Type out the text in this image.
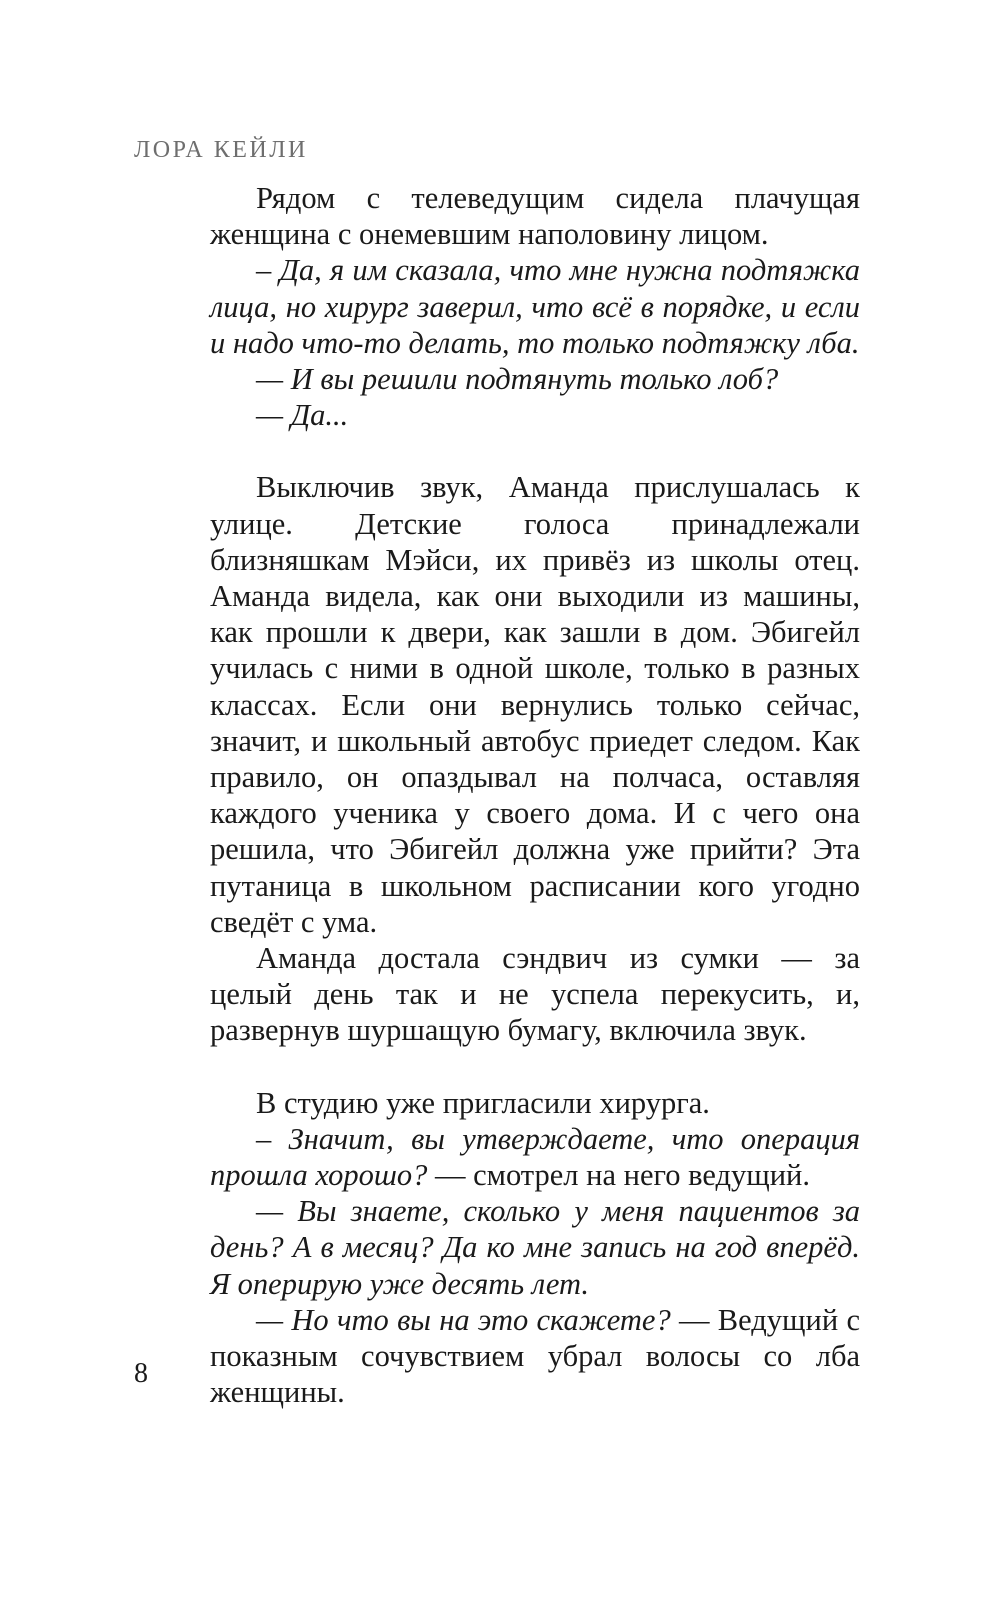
ЛОРА КЕЙЛИ

Рядом с телеведущим сидела плачущая женщина с онемевшим наполовину лицом.

– Да, я им сказала, что мне нужна подтяжка лица, но хирург заверил, что всё в порядке, и если и надо что-то делать, то только подтяжку лба.

— И вы решили подтянуть только лоб?

— Да...

Выключив звук, Аманда прислушалась к улице. Детские голоса принадлежали близняшкам Мэйси, их привёз из школы отец. Аманда видела, как они выходили из машины, как прошли к двери, как зашли в дом. Эбигейл училась с ними в одной школе, только в разных классах. Если они вернулись только сейчас, значит, и школьный автобус приедет следом. Как правило, он опаздывал на полчаса, оставляя каждого ученика у своего дома. И с чего она решила, что Эбигейл должна уже прийти? Эта путаница в школьном расписании кого угодно сведёт с ума.

Аманда достала сэндвич из сумки — за целый день так и не успела перекусить, и, развернув шуршащую бумагу, включила звук.

В студию уже пригласили хирурга.

– Значит, вы утверждаете, что операция прошла хорошо? — смотрел на него ведущий.

— Вы знаете, сколько у меня пациентов за день? А в месяц? Да ко мне запись на год вперёд. Я оперирую уже десять лет.

— Но что вы на это скажете? — Ведущий с показным сочувствием убрал волосы со лба женщины.

8
